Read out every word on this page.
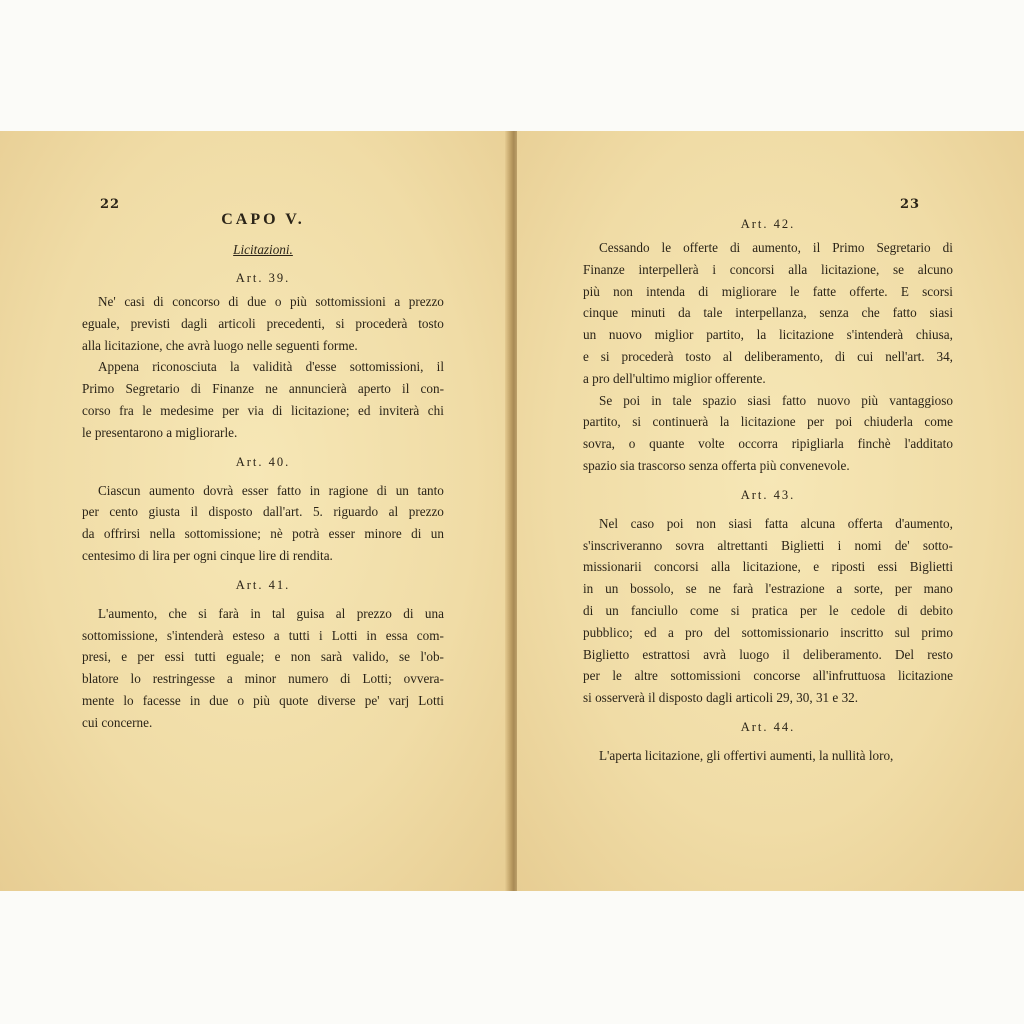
22
CAPO V.
Licitazioni.
Art. 39.
Ne' casi di concorso di due o più sottomissioni a prezzo
eguale, previsti dagli articoli precedenti, si procederà tosto
alla licitazione, che avrà luogo nelle seguenti forme.
Appena riconosciuta la validità d'esse sottomissioni, il
Primo Segretario di Finanze ne annuncierà aperto il con-
corso fra le medesime per via di licitazione; ed inviterà chi
le presentarono a migliorarle.
Art. 40.
Ciascun aumento dovrà esser fatto in ragione di un tanto
per cento giusta il disposto dall'art. 5. riguardo al prezzo
da offrirsi nella sottomissione; nè potrà esser minore di un
centesimo di lira per ogni cinque lire di rendita.
Art. 41.
L'aumento, che si farà in tal guisa al prezzo di una
sottomissione, s'intenderà esteso a tutti i Lotti in essa com-
presi, e per essi tutti eguale; e non sarà valido, se l'ob-
blatore lo restringesse a minor numero di Lotti; ovvera-
mente lo facesse in due o più quote diverse pe' varj Lotti
cui concerne.
23
Art. 42.
Cessando le offerte di aumento, il Primo Segretario di
Finanze interpellerà i concorsi alla licitazione, se alcuno
più non intenda di migliorare le fatte offerte. E scorsi
cinque minuti da tale interpellanza, senza che fatto siasi
un nuovo miglior partito, la licitazione s'intenderà chiusa,
e si procederà tosto al deliberamento, di cui nell'art. 34,
a pro dell'ultimo miglior offerente.
Se poi in tale spazio siasi fatto nuovo più vantaggioso
partito, si continuerà la licitazione per poi chiuderla come
sovra, o quante volte occorra ripigliarla finchè l'additato
spazio sia trascorso senza offerta più convenevole.
Art. 43.
Nel caso poi non siasi fatta alcuna offerta d'aumento,
s'inscriveranno sovra altrettanti Biglietti i nomi de' sotto-
missionarii concorsi alla licitazione, e riposti essi Biglietti
in un bossolo, se ne farà l'estrazione a sorte, per mano
di un fanciullo come si pratica per le cedole di debito
pubblico; ed a pro del sottomissionario inscritto sul primo
Biglietto estrattosi avrà luogo il deliberamento. Del resto
per le altre sottomissioni concorse all'infruttuosa licitazione
si osserverà il disposto dagli articoli 29, 30, 31 e 32.
Art. 44.
L'aperta licitazione, gli offertivi aumenti, la nullità loro,
